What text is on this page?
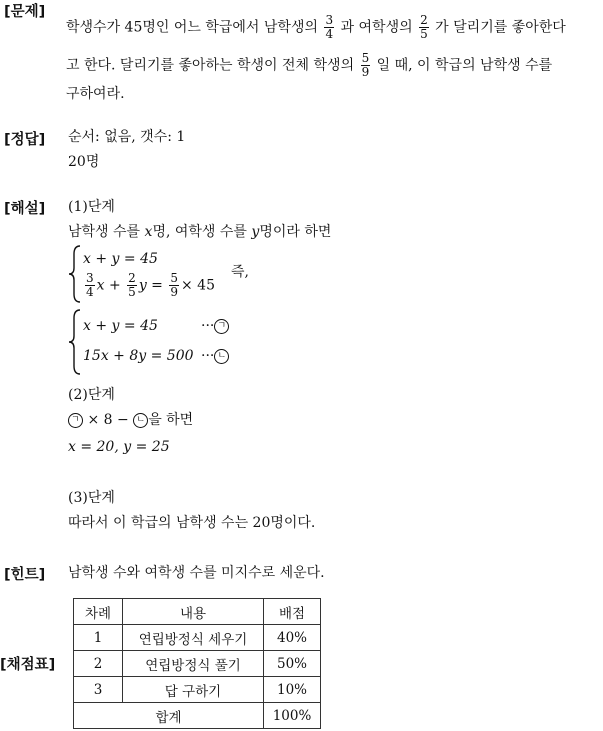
[문제]
[정답]
[해설]
[힌트]
[채점표]
학생수가 45명인 어느 학급에서 남학생의 $\frac{3}{4}$ 과 여학생의 $\frac{2}{5}$ 가 달리기를 좋아한다
고 한다. 달리기를 좋아하는 학생이 전체 학생의 $\frac{5}{9}$ 일 때, 이 학급의 남학생 수를
구하여라.
순서: 없음, 갯수: 1
20명
(1)단계
남학생 수를 x명, 여학생 수를 y명이라 하면
x + y = 45
$\frac{3}{4}$ $x + \frac{2}{5}$ $y = \frac{5}{9} \times 45$
즉,
x + y = 45	··· ㄱ
15x + 8y = 500 ··· ㄴ
(2)단계
ㄱ × 8 − ㄴ 을 하면
x = 20, y = 25
(3)단계
따라서 이 학급의 남학생 수는 20명이다.
남학생 수와 여학생 수를 미지수로 세운다.
차례	내용	배점
1	연립방정식 세우기	40%
2	연립방정식 풀기	50%
3	답 구하기	10%
합계		100%
